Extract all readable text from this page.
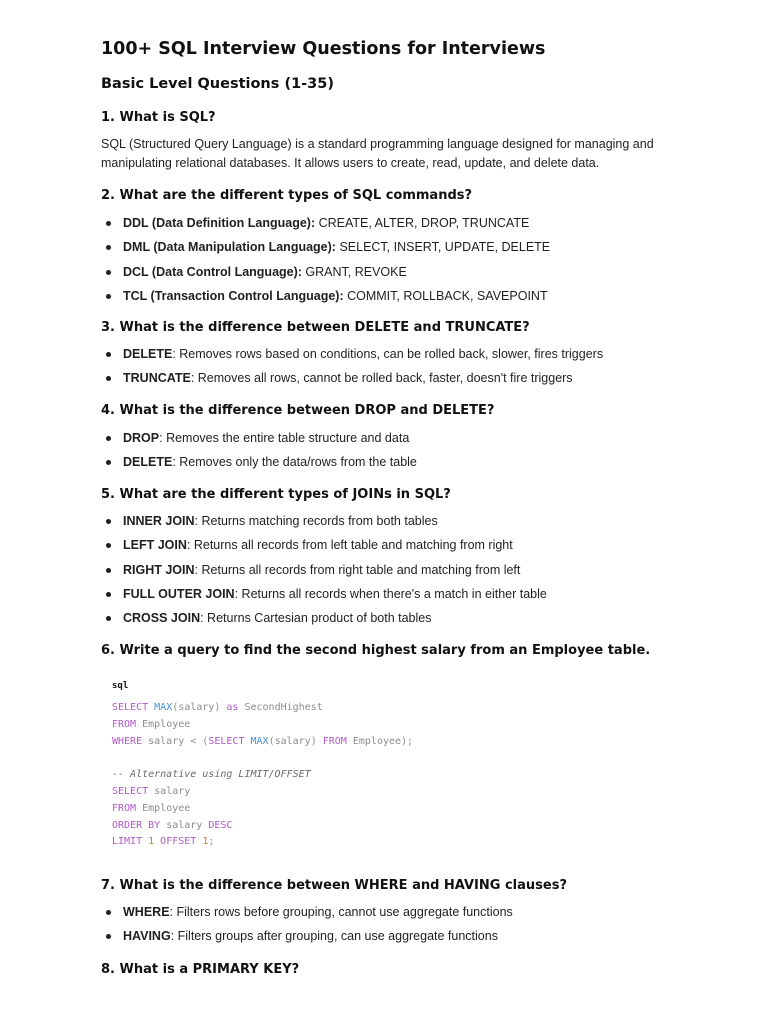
100+ SQL Interview Questions for Interviews
Basic Level Questions (1-35)

1. What is SQL?

SQL (Structured Query Language) is a standard programming language designed for managing and manipulating relational databases. It allows users to create, read, update, and delete data.

2. What are the different types of SQL commands?

DDL (Data Definition Language): CREATE, ALTER, DROP, TRUNCATE
DML (Data Manipulation Language): SELECT, INSERT, UPDATE, DELETE
DCL (Data Control Language): GRANT, REVOKE
TCL (Transaction Control Language): COMMIT, ROLLBACK, SAVEPOINT

3. What is the difference between DELETE and TRUNCATE?

DELETE: Removes rows based on conditions, can be rolled back, slower, fires triggers
TRUNCATE: Removes all rows, cannot be rolled back, faster, doesn't fire triggers

4. What is the difference between DROP and DELETE?

DROP: Removes the entire table structure and data
DELETE: Removes only the data/rows from the table

5. What are the different types of JOINs in SQL?

INNER JOIN: Returns matching records from both tables
LEFT JOIN: Returns all records from left table and matching from right
RIGHT JOIN: Returns all records from right table and matching from left
FULL OUTER JOIN: Returns all records when there's a match in either table
CROSS JOIN: Returns Cartesian product of both tables

6. Write a query to find the second highest salary from an Employee table.

sql
SELECT MAX(salary) as SecondHighest
FROM Employee
WHERE salary < (SELECT MAX(salary) FROM Employee);
-- Alternative using LIMIT/OFFSET
SELECT salary
FROM Employee
ORDER BY salary DESC
LIMIT 1 OFFSET 1;

7. What is the difference between WHERE and HAVING clauses?

WHERE: Filters rows before grouping, cannot use aggregate functions
HAVING: Filters groups after grouping, can use aggregate functions

8. What is a PRIMARY KEY?
